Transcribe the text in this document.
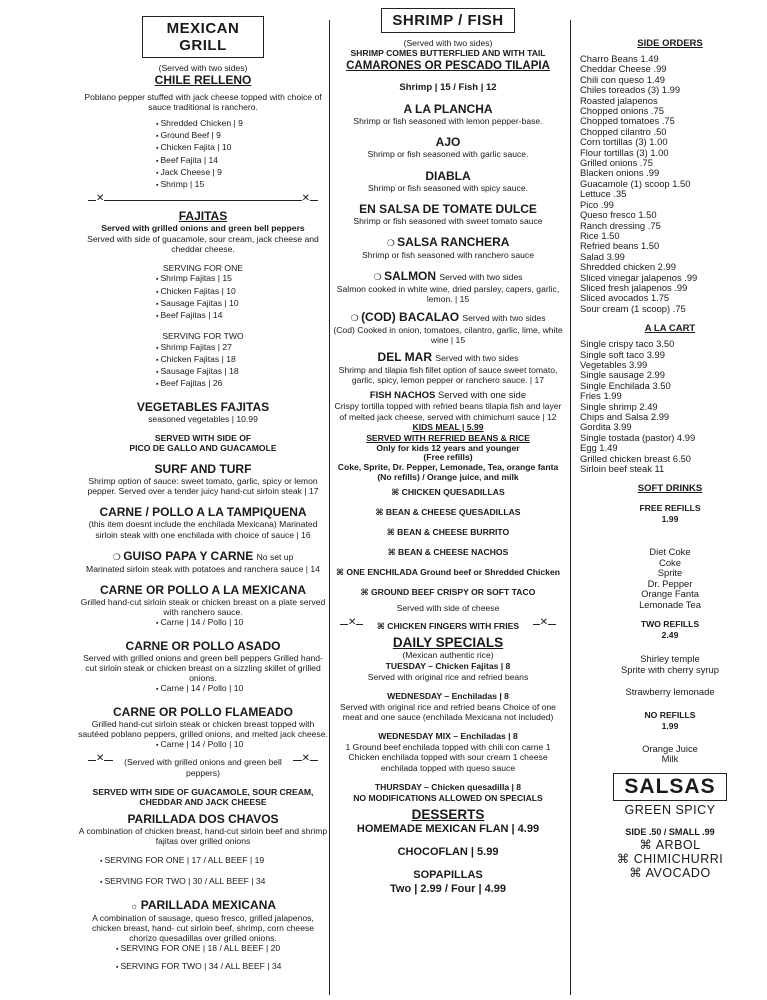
MEXICAN GRILL
(Served with two sides)
CHILE RELLENO
Poblano pepper stuffed with jack cheese topped with choice of sauce traditional is ranchero.
▪ Shredded Chicken | 9
▪ Ground Beef | 9
▪ Chicken Fajita | 10
▪ Beef Fajita | 14
▪ Jack Cheese | 9
▪ Shrimp | 15
✕	✕
FAJITAS
Served with grilled onions and green bell peppers
Served with side of guacamole, sour cream, jack cheese and cheddar cheese.
SERVING FOR ONE
▪ Shrimp Fajitas | 15
▪ Chicken Fajitas | 10
▪ Sausage Fajitas | 10
▪ Beef Fajitas | 14
SERVING FOR TWO
▪ Shrimp Fajitas | 27
▪ Chicken Fajitas | 18
▪ Sausage Fajitas | 18
▪ Beef Fajitas | 26
VEGETABLES FAJITAS
seasoned vegetables | 10.99
SERVED WITH SIDE OF
PICO DE GALLO AND GUACAMOLE
SURF AND TURF
Shrimp option of sauce: sweet tomato, garlic, spicy or lemon pepper. Served over a tender juicy hand-cut sirloin steak | 17
CARNE / POLLO A LA TAMPIQUENA
(this item doesnt include the enchilada Mexicana) Marinated sirloin steak with one enchilada with choice of sauce | 16
❍ GUISO PAPA Y CARNE No set up
Marinated sirloin steak with potatoes and ranchera sauce | 14
CARNE OR POLLO A LA MEXICANA
Grilled hand-cut sirloin steak or chicken breast on a plate served with ranchero sauce.
▪ Carne | 14 / Pollo | 10
CARNE OR POLLO ASADO
Served with grilled onions and green bell peppers Grilled hand-cut sirloin steak or chicken breast on a sizzling skillet of grilled onions.
▪ Carne | 14 / Pollo | 10
CARNE OR POLLO FLAMEADO
Grilled hand-cut sirloin steak or chicken breast topped with sautéed poblano peppers, grilled onions, and melted jack cheese.
▪ Carne | 14 / Pollo | 10
✕	✕
(Served with grilled onions and green bell peppers)
SERVED WITH SIDE OF GUACAMOLE, SOUR CREAM, CHEDDAR AND JACK CHEESE
PARILLADA DOS CHAVOS
A combination of chicken breast, hand-cut sirloin beef and shrimp fajitas over grilled onions
▪ SERVING FOR ONE | 17 / ALL BEEF | 19
▪ SERVING FOR TWO | 30 / ALL BEEF | 34
☼ PARILLADA MEXICANA
A combination of sausage, queso fresco, grilled jalapenos, chicken breast, hand- cut sirloin beef, shrimp, corn cheese chorizo quesadillas over grilled onions.
▪ SERVING FOR ONE | 18 / ALL BEEF | 20
▪ SERVING FOR TWO | 34 / ALL BEEF | 34
SHRIMP / FISH
(Served with two sides)
SHRIMP COMES BUTTERFLIED AND WITH TAIL
CAMARONES OR PESCADO TILAPIA
Shrimp | 15 / Fish | 12
A LA PLANCHA
Shrimp or fish seasoned with lemon pepper-base.
AJO
Shrimp or fish seasoned with garlic sauce.
DIABLA
Shrimp or fish seasoned with spicy sauce.
EN SALSA DE TOMATE DULCE
Shrimp or fish seasoned with sweet tomato sauce
❍ SALSA RANCHERA
Shrimp or fish seasoned with ranchero sauce
❍ SALMON Served with two sides
Salmon cooked in white wine, dried parsley, capers, garlic, lemon. | 15
❍ (COD) BACALAO Served with two sides
(Cod) Cooked in onion, tomatoes, cilantro, garlic, lime, white wine | 15
DEL MAR Served with two sides
Shrimp and tilapia fish fillet option of sauce sweet tomato, garlic, spicy, lemon pepper or ranchero sauce. | 17
FISH NACHOS Served with one side
Crispy tortilla topped with refried beans tilapia fish and layer of melted jack cheese, served with chimichurri sauce | 12
KIDS MEAL | 5.99
SERVED WITH REFRIED BEANS & RICE
Only for kids 12 years and younger
(Free refills)
Coke, Sprite, Dr. Pepper, Lemonade, Tea, orange fanta
(No refills) / Orange juice, and milk
⌘ CHICKEN QUESADILLAS
⌘ BEAN & CHEESE QUESADILLAS
⌘ BEAN & CHEESE BURRITO
⌘ BEAN & CHEESE NACHOS
⌘ ONE ENCHILADA Ground beef or Shredded Chicken
⌘ GROUND BEEF CRISPY OR SOFT TACO
Served with side of cheese
✕	✕
⌘ CHICKEN FINGERS WITH FRIES
DAILY SPECIALS
(Mexican authentic rice)
TUESDAY – Chicken Fajitas | 8
Served with original rice and refried beans
WEDNESDAY – Enchiladas | 8
Served with original rice and refried beans Choice of one meat and one sauce (enchilada Mexicana not included)
WEDNESDAY MIX – Enchiladas | 8
1 Ground beef enchilada topped with chili con carne 1 Chicken enchilada topped with sour cream 1 cheese enchilada topped with queso sauce
THURSDAY – Chicken quesadilla | 8
NO MODIFICATIONS ALLOWED ON SPECIALS
DESSERTS
HOMEMADE MEXICAN FLAN | 4.99
CHOCOFLAN | 5.99
SOPAPILLAS
Two | 2.99 / Four | 4.99
SIDE ORDERS
Charro Beans 1.49
Cheddar Cheese .99
Chili con queso 1.49
Chiles toreados (3) 1.99
Roasted jalapenos
Chopped onions .75
Chopped tomatoes .75
Chopped cilantro .50
Corn tortillas (3) 1.00
Flour tortillas (3) 1.00
Grilled onions .75
Blacken onions .99
Guacamole (1) scoop 1.50
Lettuce .35
Pico .99
Queso fresco 1.50
Ranch dressing .75
Rice 1.50
Refried beans 1.50
Salad 3.99
Shredded chicken 2.99
Sliced vinegar jalapenos .99
Sliced fresh jalapenos .99
Sliced avocados 1.75
Sour cream (1 scoop) .75
A LA CART
Single crispy taco 3.50
Single soft taco 3.99
Vegetables 3.99
Single sausage 2.99
Single Enchilada 3.50
Fries 1.99
Single shrimp 2.49
Chips and Salsa 2.99
Gordita 3.99
Single tostada (pastor) 4.99
Egg 1.49
Grilled chicken breast 6.50
Sirloin beef steak 11
SOFT DRINKS
FREE REFILLS
1.99
Diet Coke
Coke
Sprite
Dr. Pepper
Orange Fanta
Lemonade Tea
TWO REFILLS
2.49
Shirley temple
Sprite with cherry syrup
Strawberry lemonade
NO REFILLS
1.99
Orange Juice
Milk
SALSAS
GREEN SPICY
SIDE .50 / SMALL .99
⌘ ARBOL
⌘ CHIMICHURRI
⌘ AVOCADO
